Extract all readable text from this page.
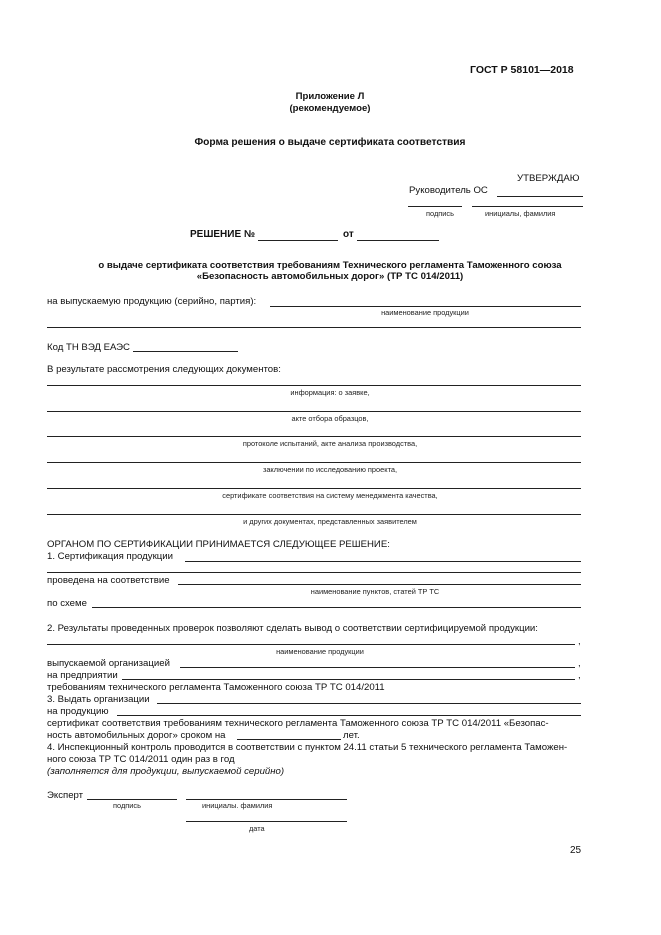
ГОСТ Р 58101—2018
Приложение Л
(рекомендуемое)
Форма решения о выдаче сертификата соответствия
УТВЕРЖДАЮ
Руководитель ОС
подпись	инициалы, фамилия
РЕШЕНИЕ №	от
о выдаче сертификата соответствия требованиям Технического регламента Таможенного союза
«Безопасность автомобильных дорог» (ТР ТС 014/2011)
на выпускаемую продукцию (серийно, партия):
наименование продукции
Код ТН ВЭД ЕАЭС
В результате рассмотрения следующих документов:
информация: о заявке,
акте отбора образцов,
протоколе испытаний, акте анализа производства,
заключении по исследованию проекта,
сертификате соответствия на систему менеджмента качества,
и других документах, представленных заявителем
ОРГАНОМ ПО СЕРТИФИКАЦИИ ПРИНИМАЕТСЯ СЛЕДУЮЩЕЕ РЕШЕНИЕ:
1. Сертификация продукции
проведена на соответствие
наименование пунктов, статей ТР ТС
по схеме
2. Результаты проведенных проверок позволяют сделать вывод о соответствии сертифицируемой продукции:
,
наименование продукции
выпускаемой организацией	,
на предприятии	,
требованиям технического регламента Таможенного союза ТР ТС 014/2011
3. Выдать организации
на продукцию
сертификат соответствия требованиям технического регламента Таможенного союза ТР ТС 014/2011 «Безопас-
ность автомобильных дорог» сроком на	лет.
4. Инспекционный контроль проводится в соответствии с пунктом 24.11 статьи 5 технического регламента Таможен-
ного союза ТР ТС 014/2011 один раз в год
(заполняется для продукции, выпускаемой серийно)
Эксперт
подпись	инициалы. фамилия
дата
25
